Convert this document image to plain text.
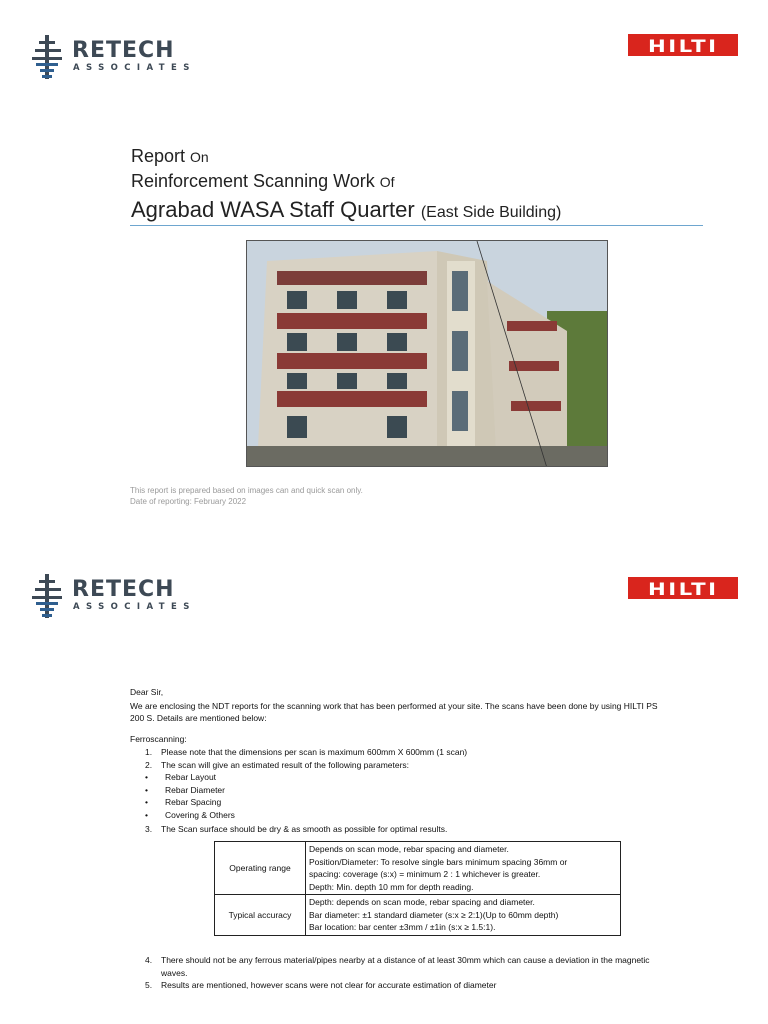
RETECH
ASSOCIATES
HILTI
Report On
Reinforcement Scanning Work Of
Agrabad WASA Staff Quarter (East Side Building)
This report is prepared based on images can and quick scan only.
Date of reporting: February 2022
RETECH
ASSOCIATES
HILTI
Dear Sir,

We are enclosing the NDT reports for the scanning work that has been performed at your site. The scans have been done by using HILTI PS

200 S. Details are mentioned below:

Ferroscanning:
1. Please note that the dimensions per scan is maximum 600mm X 600mm (1 scan)
2. The scan will give an estimated result of the following parameters:
• Rebar Layout
• Rebar Diameter
• Rebar Spacing
• Covering & Others
3. The Scan surface should be dry & as smooth as possible for optimal results.
Operating range	Depends on scan mode, rebar spacing and diameter.
Position/Diameter: To resolve single bars minimum spacing 36mm or
spacing: coverage (s:x) = minimum 2 : 1 whichever is greater.
Depth: Min. depth 10 mm for depth reading.

Typical accuracy	Depth: depends on scan mode, rebar spacing and diameter.
Bar diameter: ±1 standard diameter (s:x ≥ 2:1)(Up to 60mm depth)
Bar location: bar center ±3mm / ±1in (s:x ≥ 1.5:1).
4. There should not be any ferrous material/pipes nearby at a distance of at least 30mm which can cause a deviation in the magnetic
waves.
5. Results are mentioned, however scans were not clear for accurate estimation of diameter
